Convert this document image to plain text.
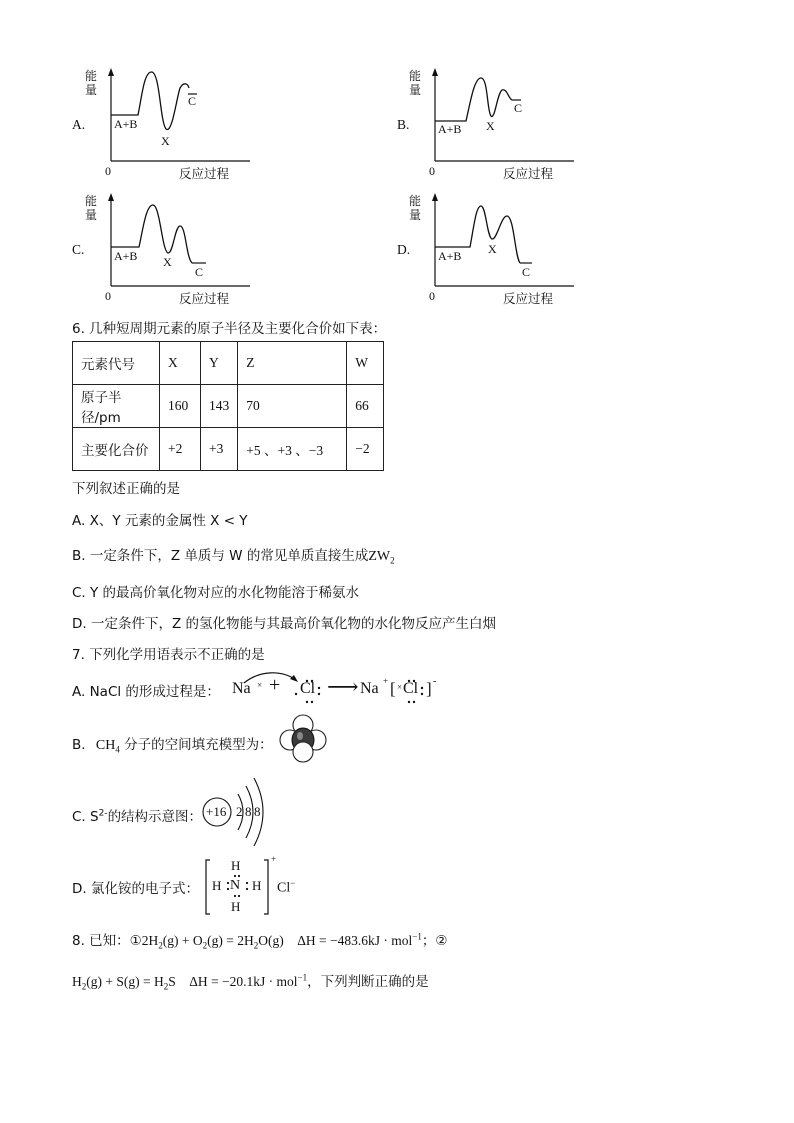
A.
能量
A+B
X
C
0	反应过程
B.
能量
A+B X
C
0	反应过程
C.
能量
A+B X
C
0	反应过程
D.
能量
A+B X
C
0	反应过程
6. 几种短周期元素的原子半径及主要化合价如下表：
元素代号	X	Y	Z	W
原子半径/pm	160	143	70	66
主要化合价	+2	+3	+5 、+3 、−3	−2
下列叙述正确的是
A. X、Y 元素的金属性 X < Y
B. 一定条件下，Z 单质与 W 的常见单质直接生成$ZW_2$
C. Y 的最高价氧化物对应的水化物能溶于稀氨水
D. 一定条件下，Z 的氢化物能与其最高价氧化物的水化物反应产生白烟
7. 下列化学用语表示不正确的是
A. NaCl 的形成过程是： Na × + Cl ⟶ Na + [ × Cl ] -
B. $CH_4$ 分子的空间填充模型为：
C. $S^{2-}$的结构示意图： +16 2 8 8
D. 氯化铵的电子式：
H
H N H
H
+
Cl−
8. 已知：$①2H_2(g) + O_2(g) = 2H_2O(g)$    ΔH = −483.6kJ · mol$^{-1}$；②
$H_2(g) + S(g) = H_2S$    ΔH = −20.1kJ · mol$^{-1}$，下列判断正确的是
